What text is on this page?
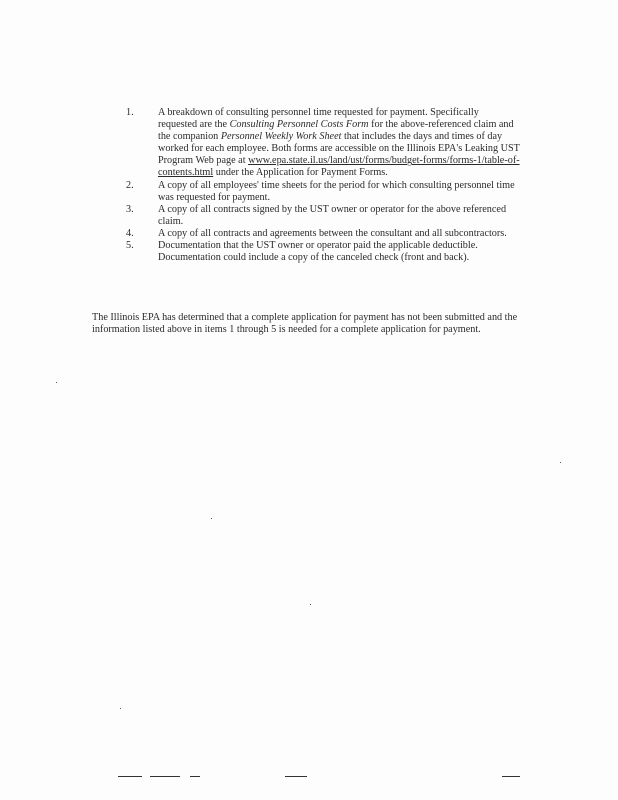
1.	A breakdown of consulting personnel time requested for payment. Specifically requested are the Consulting Personnel Costs Form for the above-referenced claim and the companion Personnel Weekly Work Sheet that includes the days and times of day worked for each employee. Both forms are accessible on the Illinois EPA's Leaking UST Program Web page at www.epa.state.il.us/land/ust/forms/budget-forms/forms-1/table-of-contents.html under the Application for Payment Forms.
2.	A copy of all employees' time sheets for the period for which consulting personnel time was requested for payment.
3.	A copy of all contracts signed by the UST owner or operator for the above referenced claim.
4.	A copy of all contracts and agreements between the consultant and all subcontractors.
5.	Documentation that the UST owner or operator paid the applicable deductible. Documentation could include a copy of the canceled check (front and back).

The Illinois EPA has determined that a complete application for payment has not been submitted and the information listed above in items 1 through 5 is needed for a complete application for payment.
